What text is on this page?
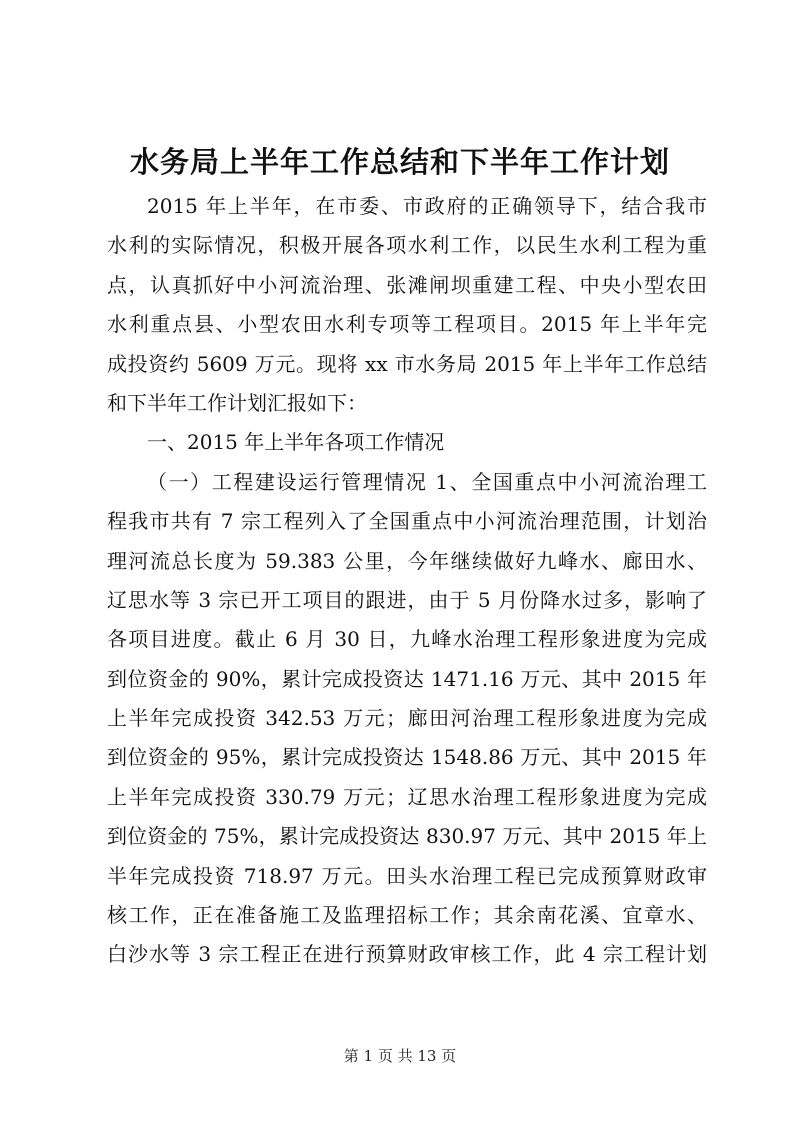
水务局上半年工作总结和下半年工作计划
2015 年上半年，在市委、市政府的正确领导下，结合我市
水利的实际情况，积极开展各项水利工作，以民生水利工程为重
点，认真抓好中小河流治理、张滩闸坝重建工程、中央小型农田
水利重点县、小型农田水利专项等工程项目。2015 年上半年完
成投资约 5609 万元。现将 xx 市水务局 2015 年上半年工作总结
和下半年工作计划汇报如下：
一、2015 年上半年各项工作情况
（一）工程建设运行管理情况 1、全国重点中小河流治理工
程我市共有 7 宗工程列入了全国重点中小河流治理范围，计划治
理河流总长度为 59.383 公里，今年继续做好九峰水、廊田水、
辽思水等 3 宗已开工项目的跟进，由于 5 月份降水过多，影响了
各项目进度。截止 6 月 30 日，九峰水治理工程形象进度为完成
到位资金的 90%，累计完成投资达 1471.16 万元、其中 2015 年
上半年完成投资 342.53 万元；廊田河治理工程形象进度为完成
到位资金的 95%，累计完成投资达 1548.86 万元、其中 2015 年
上半年完成投资 330.79 万元；辽思水治理工程形象进度为完成
到位资金的 75%，累计完成投资达 830.97 万元、其中 2015 年上
半年完成投资 718.97 万元。田头水治理工程已完成预算财政审
核工作，正在准备施工及监理招标工作；其余南花溪、宜章水、
白沙水等 3 宗工程正在进行预算财政审核工作，此 4 宗工程计划
第 1 页 共 13 页
